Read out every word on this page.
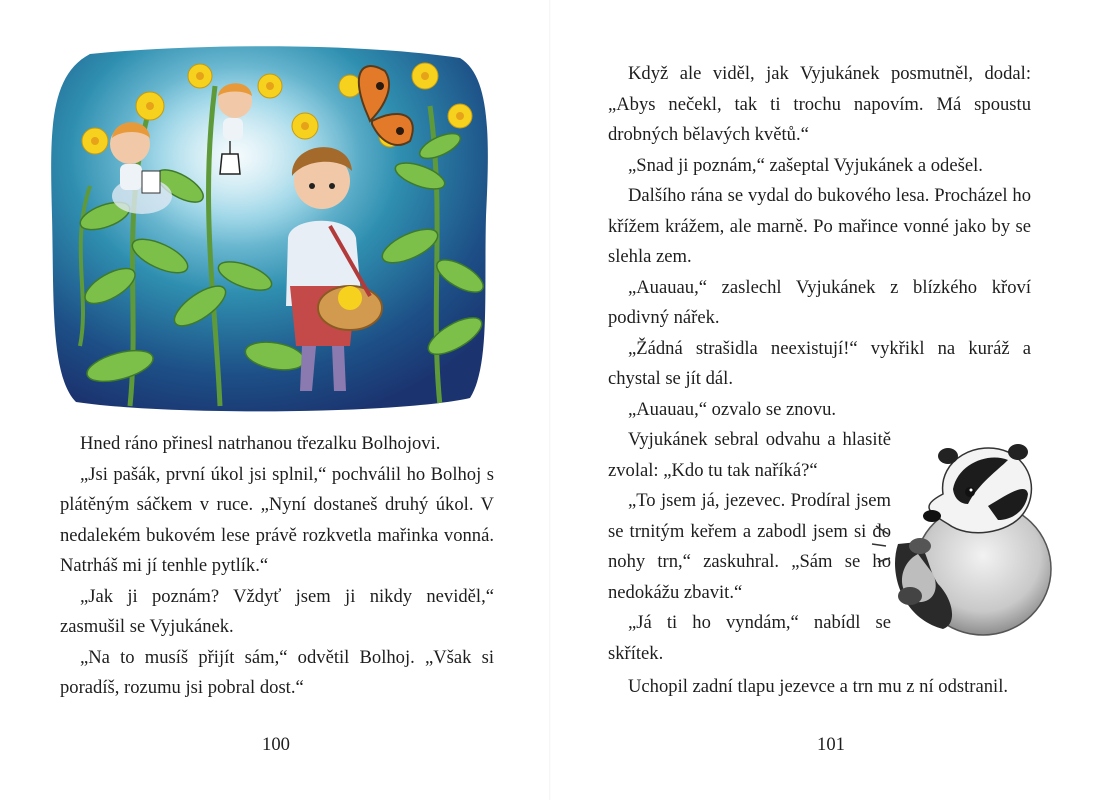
Hned ráno přinesl natrhanou třezalku Bolhojovi.

„Jsi pašák, první úkol jsi splnil,“ pochválil ho Bolhoj s plátěným sáčkem v ruce. „Nyní dostaneš druhý úkol. V nedalekém bukovém lese právě rozkvetla mařinka vonná. Natrháš mi jí tenhle pytlík.“

„Jak ji poznám? Vždyť jsem ji nikdy neviděl,“ zasmušil se Vyjukánek.

„Na to musíš přijít sám,“ odvětil Bolhoj. „Však si poradíš, rozumu jsi pobral dost.“

100

Když ale viděl, jak Vyjukánek posmutněl, dodal: „Abys nečekl, tak ti trochu napovím. Má spoustu drobných bělavých květů.“

„Snad ji poznám,“ zašeptal Vyjukánek a odešel.

Dalšího rána se vydal do bukového lesa. Procházel ho křížem krážem, ale marně. Po mařince vonné jako by se slehla zem.

„Auauau,“ zaslechl Vyjukánek z blízkého křoví podivný nářek.

„Žádná strašidla neexistují!“ vykřikl na kuráž a chystal se jít dál.

„Auauau,“ ozvalo se znovu.

Vyjukánek sebral odvahu a hlasitě zvolal: „Kdo tu tak naříká?“

„To jsem já, jezevec. Prodíral jsem se trnitým keřem a zabodl jsem si do nohy trn,“ zaskuhral. „Sám se ho nedokážu zbavit.“

„Já ti ho vyndám,“ nabídl se skřítek.

Uchopil zadní tlapu jezevce a trn mu z ní odstranil.

101
